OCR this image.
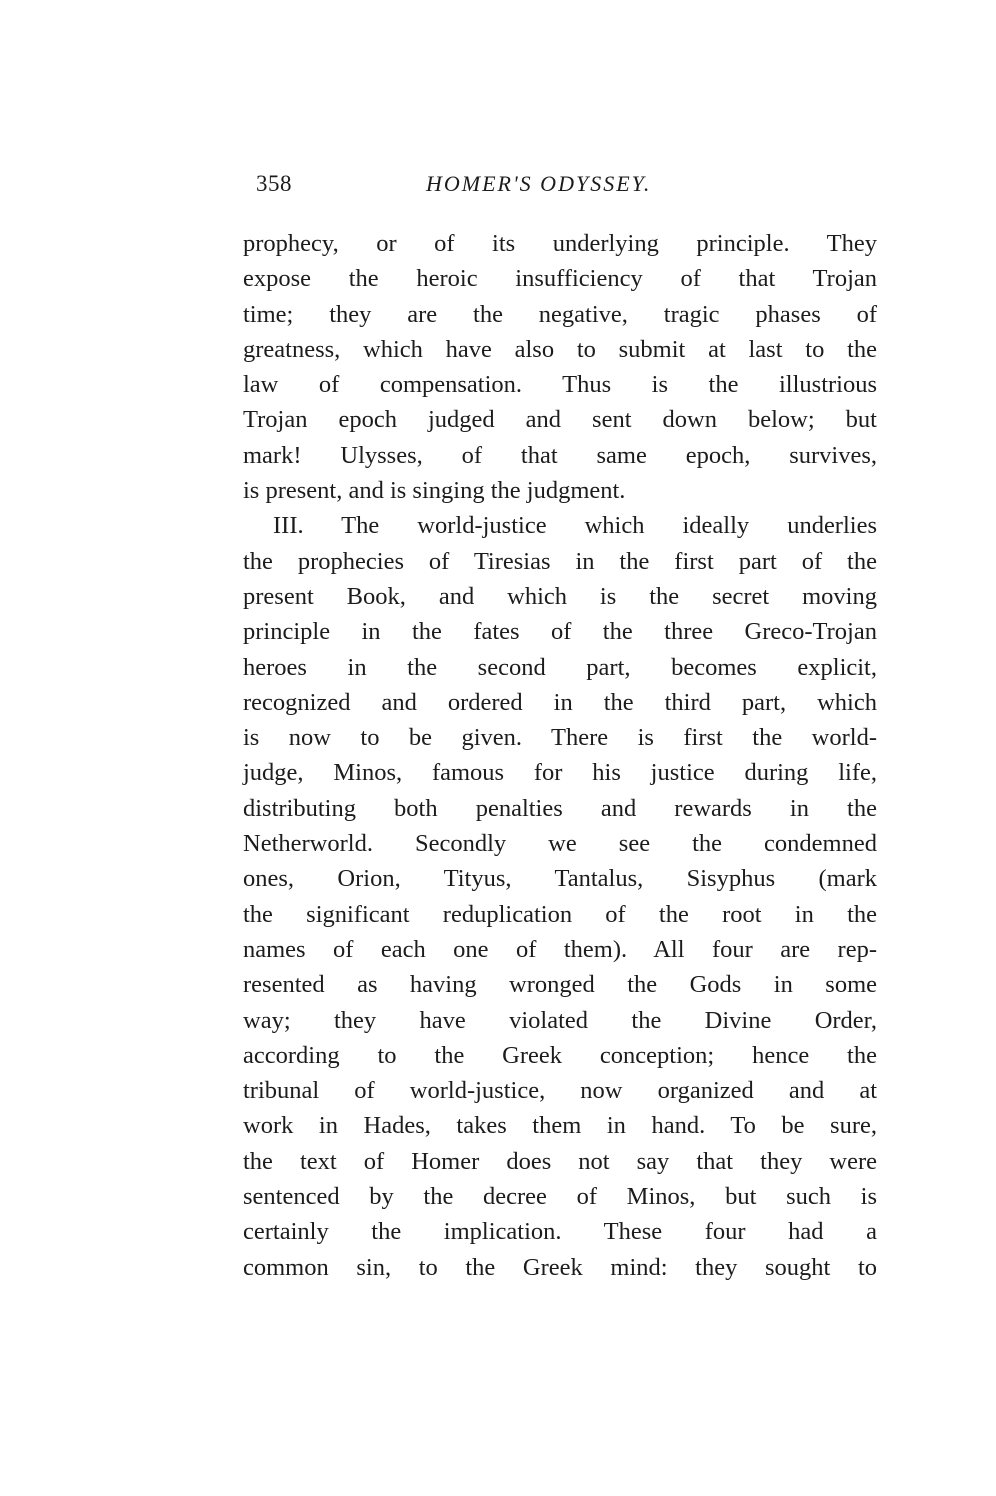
358	HOMER'S ODYSSEY.
prophecy, or of its underlying principle. They
expose the heroic insufficiency of that Trojan
time; they are the negative, tragic phases of
greatness, which have also to submit at last to the
law of compensation. Thus is the illustrious
Trojan epoch judged and sent down below; but
mark! Ulysses, of that same epoch, survives,
is present, and is singing the judgment.
III. The world-justice which ideally underlies
the prophecies of Tiresias in the first part of the
present Book, and which is the secret moving
principle in the fates of the three Greco-Trojan
heroes in the second part, becomes explicit,
recognized and ordered in the third part, which
is now to be given. There is first the world-
judge, Minos, famous for his justice during life,
distributing both penalties and rewards in the
Netherworld. Secondly we see the condemned
ones, Orion, Tityus, Tantalus, Sisyphus (mark
the significant reduplication of the root in the
names of each one of them). All four are rep-
resented as having wronged the Gods in some
way; they have violated the Divine Order,
according to the Greek conception; hence the
tribunal of world-justice, now organized and at
work in Hades, takes them in hand. To be sure,
the text of Homer does not say that they were
sentenced by the decree of Minos, but such is
certainly the implication. These four had a
common sin, to the Greek mind: they sought to
